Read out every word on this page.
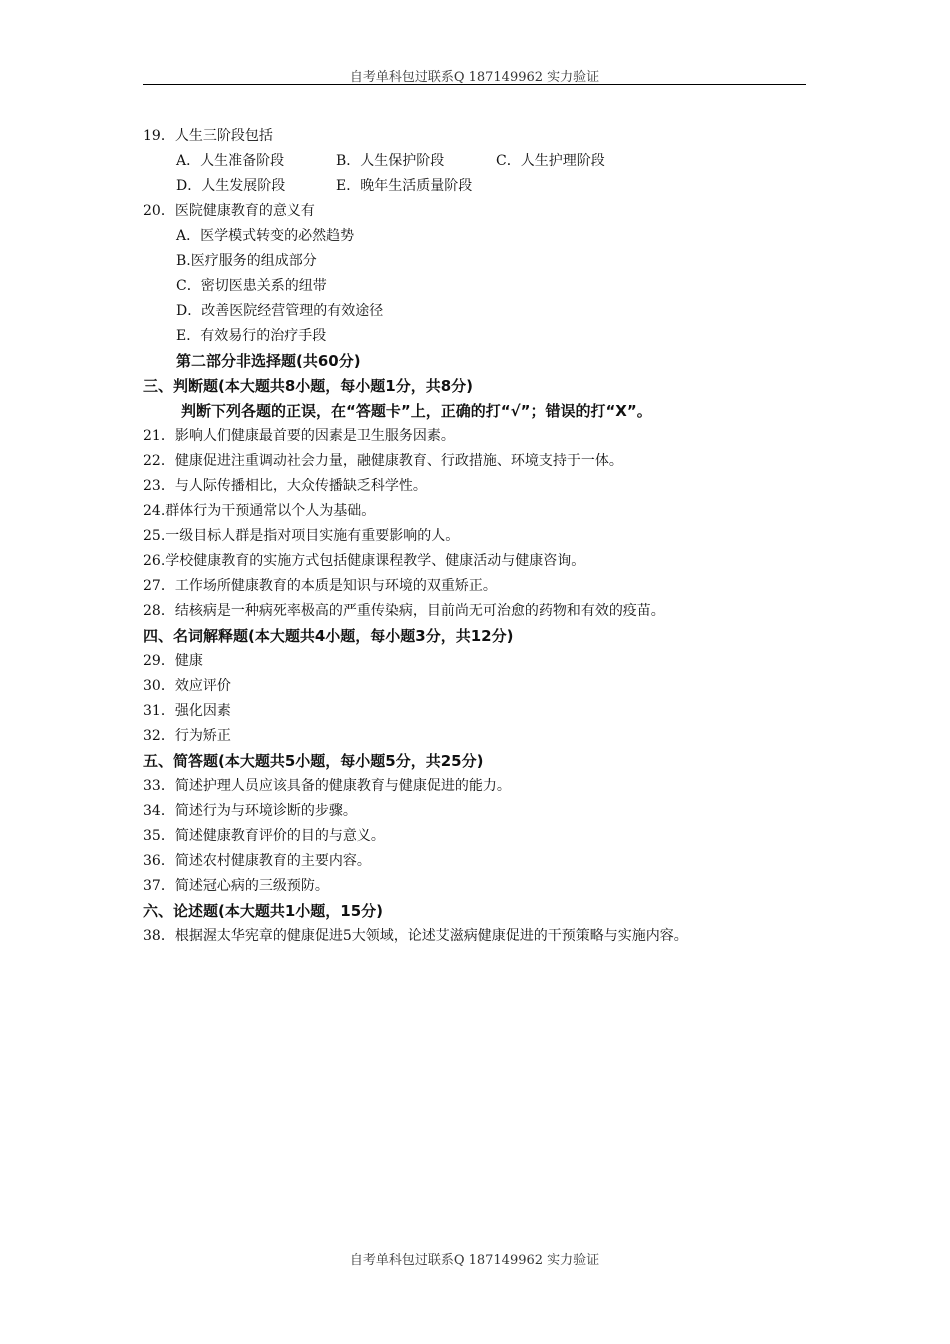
自考单科包过联系Q 187149962 实力验证
19．人生三阶段包括
A．人生准备阶段	B．人生保护阶段	C．人生护理阶段
D．人生发展阶段	E．晚年生活质量阶段
20．医院健康教育的意义有
A．医学模式转变的必然趋势
B.医疗服务的组成部分
C．密切医患关系的纽带
D．改善医院经营管理的有效途径
E．有效易行的治疗手段
第二部分非选择题(共60分)
三、判断题(本大题共8小题，每小题1分，共8分)
判断下列各题的正误，在“答题卡”上，正确的打“√”；错误的打“X”。
21．影响人们健康最首要的因素是卫生服务因素。
22．健康促进注重调动社会力量，融健康教育、行政措施、环境支持于一体。
23．与人际传播相比，大众传播缺乏科学性。
24.群体行为干预通常以个人为基础。
25.一级目标人群是指对项目实施有重要影响的人。
26.学校健康教育的实施方式包括健康课程教学、健康活动与健康咨询。
27．工作场所健康教育的本质是知识与环境的双重矫正。
28．结核病是一种病死率极高的严重传染病，目前尚无可治愈的药物和有效的疫苗。
四、名词解释题(本大题共4小题，每小题3分，共12分)
29．健康
30．效应评价
31．强化因素
32．行为矫正
五、简答题(本大题共5小题，每小题5分，共25分)
33．简述护理人员应该具备的健康教育与健康促进的能力。
34．简述行为与环境诊断的步骤。
35．简述健康教育评价的目的与意义。
36．简述农村健康教育的主要内容。
37．简述冠心病的三级预防。
六、论述题(本大题共1小题，15分)
38．根据渥太华宪章的健康促进5大领域，论述艾滋病健康促进的干预策略与实施内容。
自考单科包过联系Q 187149962 实力验证
